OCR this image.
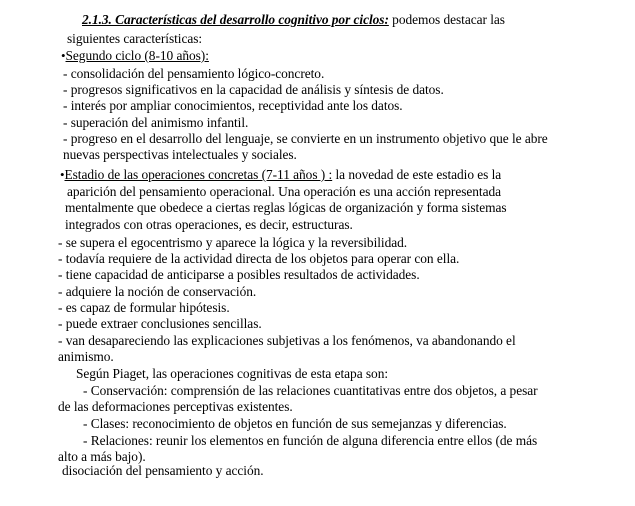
2.1.3. Características del desarrollo cognitivo por ciclos: podemos destacar las
siguientes características:
•Segundo ciclo (8-10 años):
- consolidación del pensamiento lógico-concreto.
- progresos significativos en la capacidad de análisis y síntesis de datos.
- interés por ampliar conocimientos, receptividad ante los datos.
- superación del animismo infantil.
- progreso en el desarrollo del lenguaje, se convierte en un instrumento objetivo que le abre
nuevas perspectivas intelectuales y sociales.
•Estadio de las operaciones concretas (7-11 años ) : la novedad de este estadio es la
aparición del pensamiento operacional. Una operación es una acción representada
mentalmente que obedece a ciertas reglas lógicas de organización y forma sistemas
integrados con otras operaciones, es decir, estructuras.
- se supera el egocentrismo y aparece la lógica y la reversibilidad.
- todavía requiere de la actividad directa de los objetos para operar con ella.
- tiene capacidad de anticiparse a posibles resultados de actividades.
- adquiere la noción de conservación.
- es capaz de formular hipótesis.
- puede extraer conclusiones sencillas.
- van desapareciendo las explicaciones subjetivas a los fenómenos, va abandonando el
animismo.
Según Piaget, las operaciones cognitivas de esta etapa son:
- Conservación: comprensión de las relaciones cuantitativas entre dos objetos, a pesar
de las deformaciones perceptivas existentes.
- Clases: reconocimiento de objetos en función de sus semejanzas y diferencias.
- Relaciones: reunir los elementos en función de alguna diferencia entre ellos (de más
alto a más bajo).
disociación del pensamiento y acción.
